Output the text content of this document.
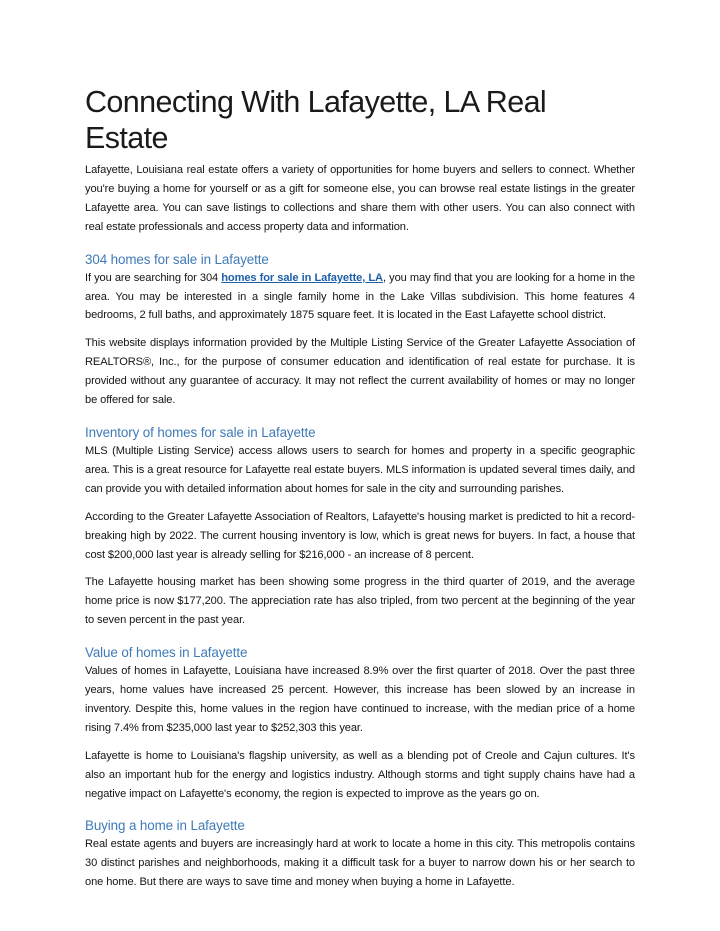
Connecting With Lafayette, LA Real Estate

Lafayette, Louisiana real estate offers a variety of opportunities for home buyers and sellers to connect. Whether you're buying a home for yourself or as a gift for someone else, you can browse real estate listings in the greater Lafayette area. You can save listings to collections and share them with other users. You can also connect with real estate professionals and access property data and information.

304 homes for sale in Lafayette

If you are searching for 304 homes for sale in Lafayette, LA, you may find that you are looking for a home in the area. You may be interested in a single family home in the Lake Villas subdivision. This home features 4 bedrooms, 2 full baths, and approximately 1875 square feet. It is located in the East Lafayette school district.

This website displays information provided by the Multiple Listing Service of the Greater Lafayette Association of REALTORS®, Inc., for the purpose of consumer education and identification of real estate for purchase. It is provided without any guarantee of accuracy. It may not reflect the current availability of homes or may no longer be offered for sale.

Inventory of homes for sale in Lafayette

MLS (Multiple Listing Service) access allows users to search for homes and property in a specific geographic area. This is a great resource for Lafayette real estate buyers. MLS information is updated several times daily, and can provide you with detailed information about homes for sale in the city and surrounding parishes.

According to the Greater Lafayette Association of Realtors, Lafayette's housing market is predicted to hit a record-breaking high by 2022. The current housing inventory is low, which is great news for buyers. In fact, a house that cost $200,000 last year is already selling for $216,000 - an increase of 8 percent.

The Lafayette housing market has been showing some progress in the third quarter of 2019, and the average home price is now $177,200. The appreciation rate has also tripled, from two percent at the beginning of the year to seven percent in the past year.

Value of homes in Lafayette

Values of homes in Lafayette, Louisiana have increased 8.9% over the first quarter of 2018. Over the past three years, home values have increased 25 percent. However, this increase has been slowed by an increase in inventory. Despite this, home values in the region have continued to increase, with the median price of a home rising 7.4% from $235,000 last year to $252,303 this year.

Lafayette is home to Louisiana's flagship university, as well as a blending pot of Creole and Cajun cultures. It's also an important hub for the energy and logistics industry. Although storms and tight supply chains have had a negative impact on Lafayette's economy, the region is expected to improve as the years go on.

Buying a home in Lafayette

Real estate agents and buyers are increasingly hard at work to locate a home in this city. This metropolis contains 30 distinct parishes and neighborhoods, making it a difficult task for a buyer to narrow down his or her search to one home. But there are ways to save time and money when buying a home in Lafayette.
